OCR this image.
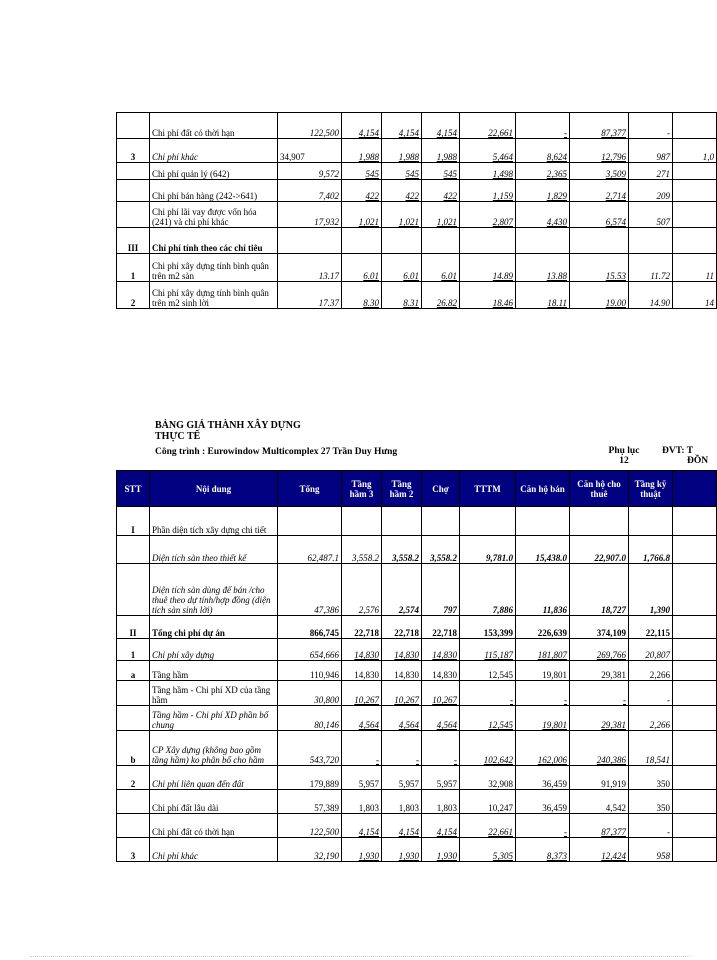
	Chi phí đất có thời hạn	122,500	4,154	4,154	4,154	22,661	-	87,377	-	
3	Chi phí khác	34,907	1,988	1,988	1,988	5,464	8,624	12,796	987	1,0
	Chi phí quản lý (642)	9,572	545	545	545	1,498	2,365	3,509	271	
	Chi phí bán hàng (242->641)	7,402	422	422	422	1,159	1,829	2,714	209	
	Chi phí lãi vay được vốn hóa (241) và chi phí khác	17,932	1,021	1,021	1,021	2,807	4,430	6,574	507	
III	Chỉ phí tính theo các chỉ tiêu									
1	Chi phí xây dựng tính bình quân trên m2 sàn	13.17	6.01	6.01	6.01	14.89	13.88	15.53	11.72	11
2	Chi phí xây dựng tính bình quân trên m2 sinh lời	17.37	8.30	8.31	26.82	18.46	18.11	19.00	14.90	14
BẢNG GIÁ THÀNH XÂY DỰNG
THỰC TẾ
Công trình : Eurowindow Multicomplex 27 Trần Duy Hưng	Phụ lục
12
ĐVT: T
ĐỒN
STT	Nội dung	Tổng	Tầng hầm 3	Tầng hầm 2	Chợ	TTTM	Căn hộ bán	Căn hộ cho thuê	Tầng kỹ thuật	
I	Phần diện tích xây dựng chi tiết									
	Diện tích sàn theo thiết kế	62,487.1	3,558.2	3,558.2	3,558.2	9,781.0	15,438.0	22,907.0	1,766.8	
	Diện tích sàn dùng để bán /cho thuê theo dự tính/hợp đồng (diện tích sàn sinh lời)	47,386	2,576	2,574	797	7,886	11,836	18,727	1,390	
II	Tổng chi phí dự án	866,745	22,718	22,718	22,718	153,399	226,639	374,109	22,115	
1	Chi phí xây dựng	654,666	14,830	14,830	14,830	115,187	181,807	269,766	20,807	
a	Tầng hầm	110,946	14,830	14,830	14,830	12,545	19,801	29,381	2,266	
	Tầng hầm - Chi phí XD của tầng hầm	30,800	10,267	10,267	10,267	-	-	-	-	
	Tầng hầm - Chi phí XD phần bổ chung	80,146	4,564	4,564	4,564	12,545	19,801	29,381	2,266	
b	CP Xây dựng (không bao gồm tầng hầm) ko phân bổ cho hầm	543,720	-	-	-	102,642	162,006	240,386	18,541	
2	Chi phí liên quan đến đất	179,889	5,957	5,957	5,957	32,908	36,459	91,919	350	
	Chi phí đất lâu dài	57,389	1,803	1,803	1,803	10,247	36,459	4,542	350	
	Chi phí đất có thời hạn	122,500	4,154	4,154	4,154	22,661	-	87,377	-	
3	Chi phí khác	32,190	1,930	1,930	1,930	5,305	8,373	12,424	958	
